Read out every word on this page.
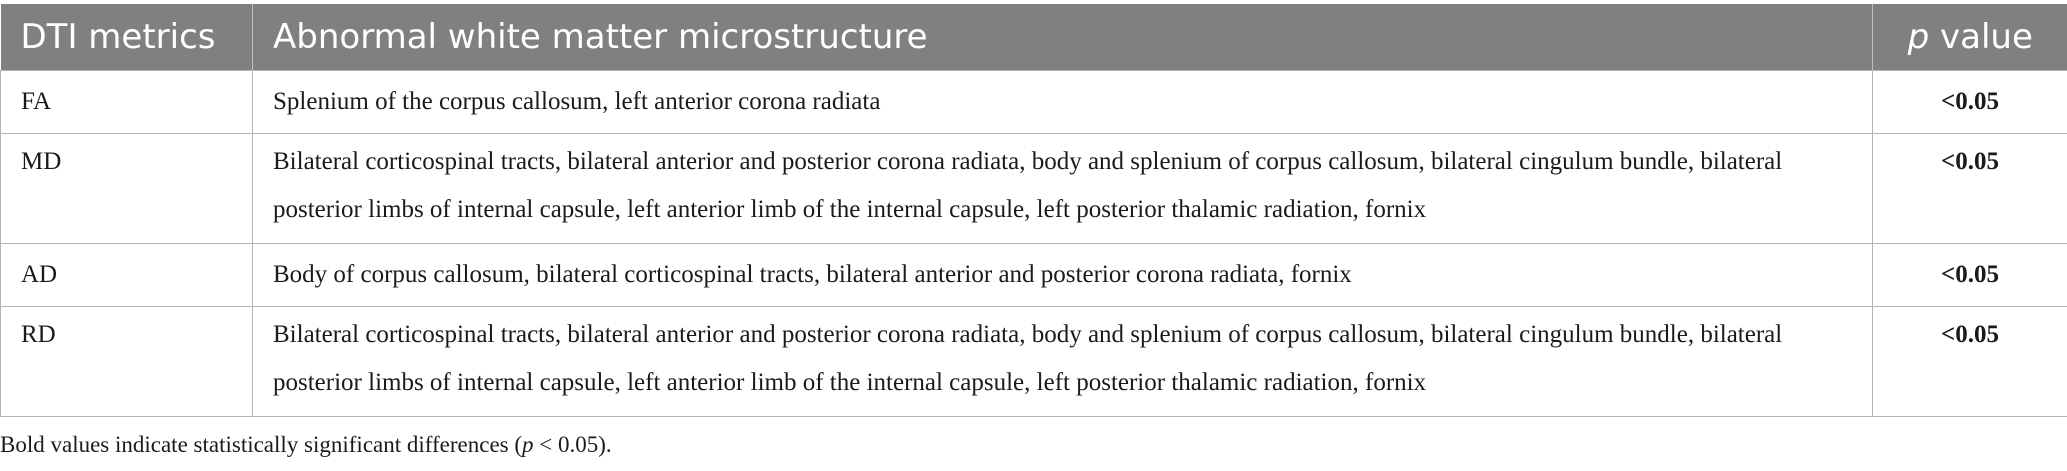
DTI metrics	Abnormal white matter microstructure	p value
FA	Splenium of the corpus callosum, left anterior corona radiata	<0.05
MD	Bilateral corticospinal tracts, bilateral anterior and posterior corona radiata, body and splenium of corpus callosum, bilateral cingulum bundle, bilateral posterior limbs of internal capsule, left anterior limb of the internal capsule, left posterior thalamic radiation, fornix	<0.05
AD	Body of corpus callosum, bilateral corticospinal tracts, bilateral anterior and posterior corona radiata, fornix	<0.05
RD	Bilateral corticospinal tracts, bilateral anterior and posterior corona radiata, body and splenium of corpus callosum, bilateral cingulum bundle, bilateral posterior limbs of internal capsule, left anterior limb of the internal capsule, left posterior thalamic radiation, fornix	<0.05
Bold values indicate statistically significant differences (p < 0.05).
